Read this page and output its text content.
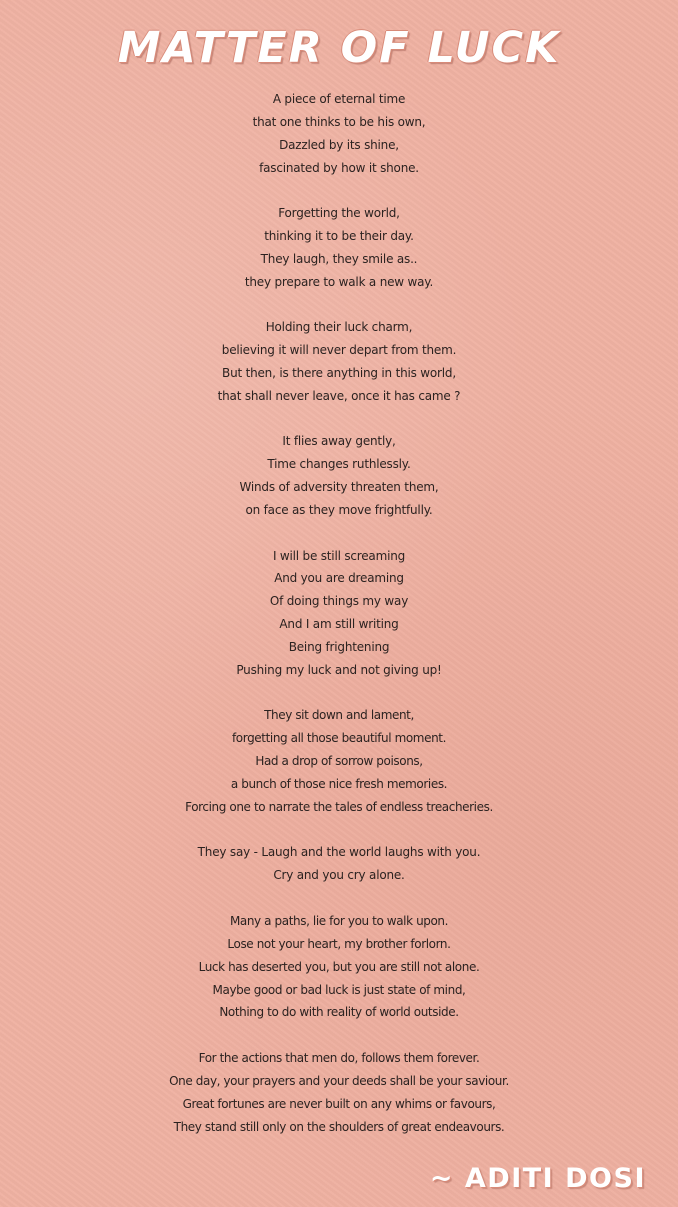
MATTER OF LUCK
A piece of eternal time
that one thinks to be his own,
Dazzled by its shine,
fascinated by how it shone.
Forgetting the world,
thinking it to be their day.
They laugh, they smile as..
they prepare to walk a new way.
Holding their luck charm,
believing it will never depart from them.
But then, is there anything in this world,
that shall never leave, once it has came ?
It flies away gently,
Time changes ruthlessly.
Winds of adversity threaten them,
on face as they move frightfully.
I will be still screaming
And you are dreaming
Of doing things my way
And I am still writing
Being frightening
Pushing my luck and not giving up!
They sit down and lament,
forgetting all those beautiful moment.
Had a drop of sorrow poisons,
a bunch of those nice fresh memories.
Forcing one to narrate the tales of endless treacheries.
They say - Laugh and the world laughs with you.
Cry and you cry alone.
Many a paths, lie for you to walk upon.
Lose not your heart, my brother forlorn.
Luck has deserted you, but you are still not alone.
Maybe good or bad luck is just state of mind,
Nothing to do with reality of world outside.
For the actions that men do, follows them forever.
One day, your prayers and your deeds shall be your saviour.
Great fortunes are never built on any whims or favours,
They stand still only on the shoulders of great endeavours.
~ ADITI DOSI
